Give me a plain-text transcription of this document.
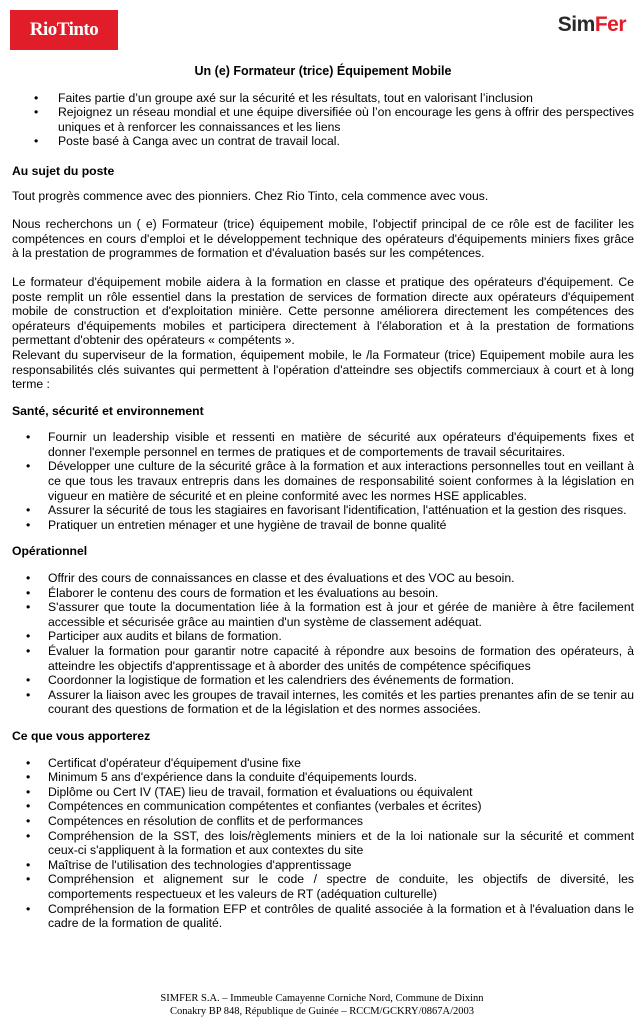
RioTinto	SimFer
Un (e) Formateur (trice) Équipement Mobile
• Faites partie d’un groupe axé sur la sécurité et les résultats, tout en valorisant l’inclusion
• Rejoignez un réseau mondial et une équipe diversifiée où l’on encourage les gens à offrir des perspectives uniques et à renforcer les connaissances et les liens
• Poste basé à Canga avec un contrat de travail local.
Au sujet du poste

Tout progrès commence avec des pionniers. Chez Rio Tinto, cela commence avec vous.

Nous recherchons un ( e) Formateur (trice) équipement mobile, l'objectif principal de ce rôle est de faciliter les compétences en cours d'emploi et le développement technique des opérateurs d'équipements miniers fixes grâce à la prestation de programmes de formation et d'évaluation basés sur les compétences.

Le formateur d'équipement mobile aidera à la formation en classe et pratique des opérateurs d'équipement. Ce poste remplit un rôle essentiel dans la prestation de services de formation directe aux opérateurs d'équipement mobile de construction et d'exploitation minière. Cette personne améliorera directement les compétences des opérateurs d'équipements mobiles et participera directement à l'élaboration et à la prestation de formations permettant d'obtenir des opérateurs « compétents ».

Relevant du superviseur de la formation, équipement mobile, le /la Formateur (trice) Equipement mobile aura les responsabilités clés suivantes qui permettent à l'opération d'atteindre ses objectifs commerciaux à court et à long terme :

Santé, sécurité et environnement
• Fournir un leadership visible et ressenti en matière de sécurité aux opérateurs d'équipements fixes et donner l'exemple personnel en termes de pratiques et de comportements de travail sécuritaires.
• Développer une culture de la sécurité grâce à la formation et aux interactions personnelles tout en veillant à ce que tous les travaux entrepris dans les domaines de responsabilité soient conformes à la législation en vigueur en matière de sécurité et en pleine conformité avec les normes HSE applicables.
• Assurer la sécurité de tous les stagiaires en favorisant l'identification, l'atténuation et la gestion des risques.
• Pratiquer un entretien ménager et une hygiène de travail de bonne qualité
Opérationnel
• Offrir des cours de connaissances en classe et des évaluations et des VOC au besoin.
• Élaborer le contenu des cours de formation et les évaluations au besoin.
• S'assurer que toute la documentation liée à la formation est à jour et gérée de manière à être facilement accessible et sécurisée grâce au maintien d'un système de classement adéquat.
• Participer aux audits et bilans de formation.
• Évaluer la formation pour garantir notre capacité à répondre aux besoins de formation des opérateurs, à atteindre les objectifs d'apprentissage et à aborder des unités de compétence spécifiques
• Coordonner la logistique de formation et les calendriers des événements de formation.
• Assurer la liaison avec les groupes de travail internes, les comités et les parties prenantes afin de se tenir au courant des questions de formation et de la législation et des normes associées.
Ce que vous apporterez
• Certificat d'opérateur d'équipement d'usine fixe
• Minimum 5 ans d'expérience dans la conduite d'équipements lourds.
• Diplôme ou Cert IV (TAE) lieu de travail, formation et évaluations ou équivalent
• Compétences en communication compétentes et confiantes (verbales et écrites)
• Compétences en résolution de conflits et de performances
• Compréhension de la SST, des lois/règlements miniers et de la loi nationale sur la sécurité et comment ceux-ci s'appliquent à la formation et aux contextes du site
• Maîtrise de l'utilisation des technologies d'apprentissage
• Compréhension et alignement sur le code / spectre de conduite, les objectifs de diversité, les comportements respectueux et les valeurs de RT (adéquation culturelle)
• Compréhension de la formation EFP et contrôles de qualité associée à la formation et à l'évaluation dans le cadre de la formation de qualité.
SIMFER S.A. – Immeuble Camayenne Corniche Nord, Commune de Dixinn
Conakry BP 848, République de Guinée – RCCM/GCKRY/0867A/2003
